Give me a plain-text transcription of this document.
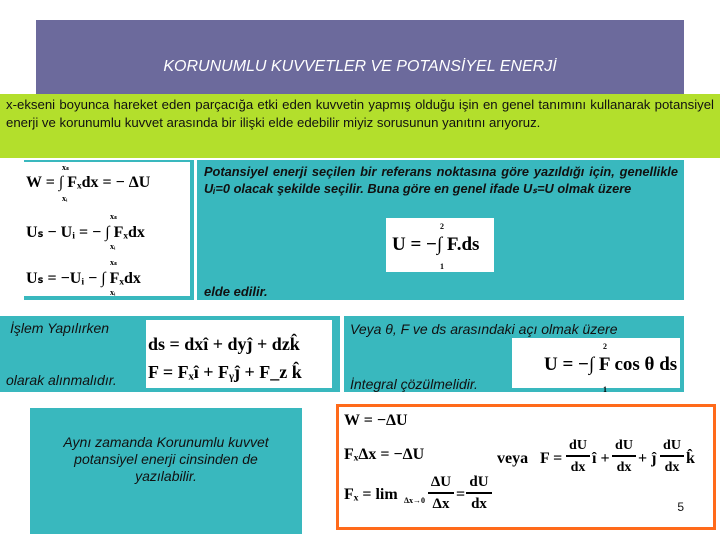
KORUNUMLU KUVVETLER VE POTANSİYEL ENERJİ

x-ekseni boyunca hareket eden parçacığa etki eden kuvvetin yapmış olduğu işin en genel tanımını kullanarak potansiyel enerji ve korunumlu kuvvet arasında bir ilişki elde edebilir miyiz sorusunun yanıtını arıyoruz.

W = ∫ Fₓdx = − ΔU
xₛ
xᵢ
Uₛ − Uᵢ = − ∫ Fₓdx
xₛ
xᵢ
Uₛ = −Uᵢ − ∫ Fₓdx
xₛ
xᵢ
Potansiyel enerji seçilen bir referans noktasına göre yazıldığı için, genellikle Uᵢ=0 olacak şekilde seçilir. Buna göre en genel ifade Uₛ=U olmak üzere
U = −∫ F.ds
2
1
elde edilir.
İşlem Yapılırken
olarak alınmalıdır.
ds = dxî + dyĵ + dzk̂
F = Fₓî + Fᵧĵ + F_z k̂
Veya θ, F ve ds arasındaki açı olmak üzere
İntegral çözülmelidir.
U = −∫ F cos θ ds
2
1

Aynı zamanda Korunumlu kuvvet potansiyel enerji cinsinden de yazılabilir.

W = −ΔU
FₓΔx = −ΔU
Fₓ = lim Δx→0
ΔU
Δx
=
dU
dx
veya F =
dU
dx
î +
dU
dx
+ ĵ
dU
dx
k̂
5
